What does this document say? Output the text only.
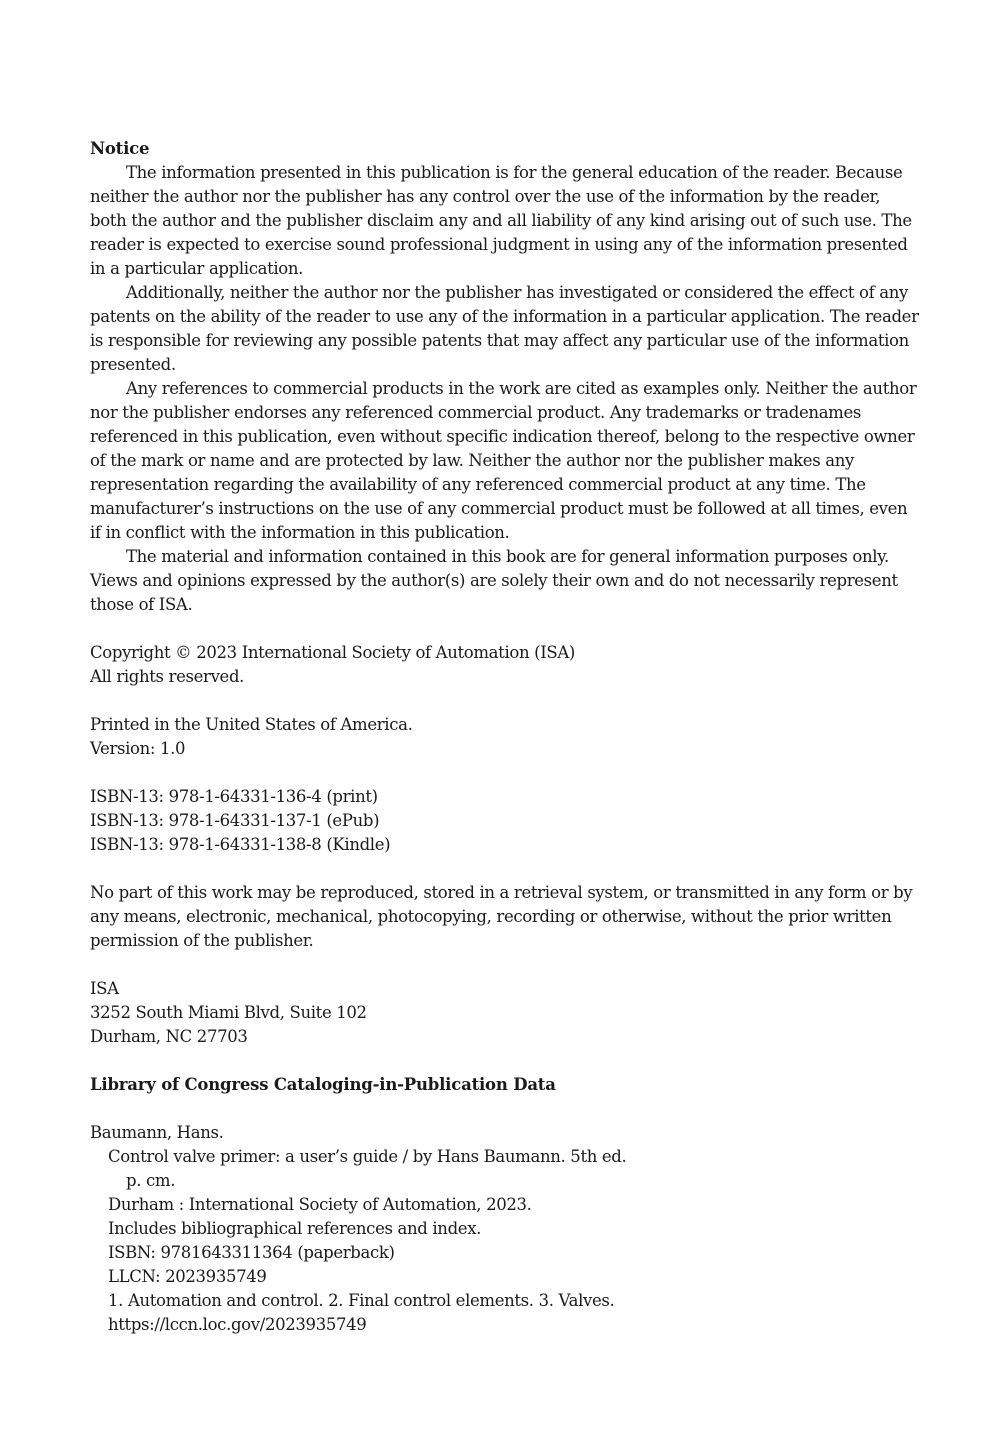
Notice

The information presented in this publication is for the general education of the reader. Because neither the author nor the publisher has any control over the use of the information by the reader, both the author and the publisher disclaim any and all liability of any kind arising out of such use. The reader is expected to exercise sound professional judgment in using any of the information presented in a particular application.

Additionally, neither the author nor the publisher has investigated or considered the effect of any patents on the ability of the reader to use any of the information in a particular application. The reader is responsible for reviewing any possible patents that may affect any particular use of the information presented.

Any references to commercial products in the work are cited as examples only. Neither the author nor the publisher endorses any referenced commercial product. Any trademarks or tradenames referenced in this publication, even without specific indication thereof, belong to the respective owner of the mark or name and are protected by law. Neither the author nor the publisher makes any representation regarding the availability of any referenced commercial product at any time. The manufacturer’s instructions on the use of any commercial product must be followed at all times, even if in conflict with the information in this publication.

The material and information contained in this book are for general information purposes only. Views and opinions expressed by the author(s) are solely their own and do not necessarily represent those of ISA.

Copyright © 2023 International Society of Automation (ISA)

All rights reserved.

Printed in the United States of America.

Version: 1.0

ISBN-13: 978-1-64331-136-4 (print)

ISBN-13: 978-1-64331-137-1 (ePub)

ISBN-13: 978-1-64331-138-8 (Kindle)

No part of this work may be reproduced, stored in a retrieval system, or transmitted in any form or by any means, electronic, mechanical, photocopying, recording or otherwise, without the prior written permission of the publisher.

ISA

3252 South Miami Blvd, Suite 102

Durham, NC 27703

Library of Congress Cataloging-in-Publication Data

Baumann, Hans.

Control valve primer: a user’s guide / by Hans Baumann. 5th ed.

p. cm.

Durham : International Society of Automation, 2023.

Includes bibliographical references and index.

ISBN: 9781643311364 (paperback)

LLCN: 2023935749

1. Automation and control. 2. Final control elements. 3. Valves.

https://lccn.loc.gov/2023935749
